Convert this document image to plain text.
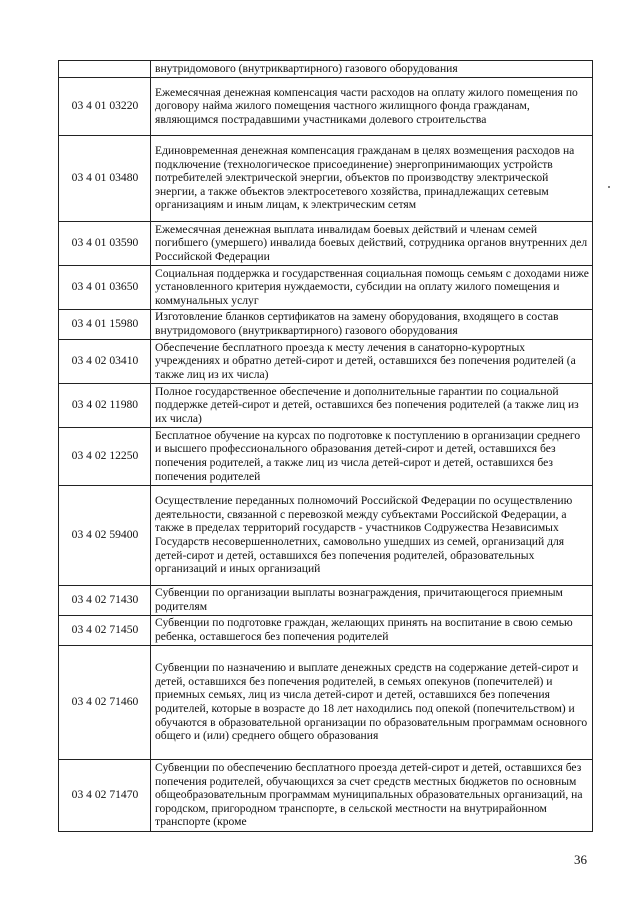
	внутридомового (внутриквартирного) газового оборудования
03 4 01 03220	Ежемесячная денежная компенсация части расходов на оплату жилого помещения по договору найма жилого помещения частного жилищного фонда гражданам, являющимся пострадавшими участниками долевого строительства
03 4 01 03480	Единовременная денежная компенсация гражданам в целях возмещения расходов на подключение (технологическое присоединение) энергопринимающих устройств потребителей электрической энергии, объектов по производству электрической энергии, а также объектов электросетевого хозяйства, принадлежащих сетевым организациям и иным лицам, к электрическим сетям
03 4 01 03590	Ежемесячная денежная выплата инвалидам боевых действий и членам семей погибшего (умершего) инвалида боевых действий, сотрудника органов внутренних дел Российской Федерации
03 4 01 03650	Социальная поддержка и государственная социальная помощь семьям с доходами ниже установленного критерия нуждаемости, субсидии на оплату жилого помещения и коммунальных услуг
03 4 01 15980	Изготовление бланков сертификатов на замену оборудования, входящего в состав внутридомового (внутриквартирного) газового оборудования
03 4 02 03410	Обеспечение бесплатного проезда к месту лечения в санаторно-курортных учреждениях и обратно детей-сирот и детей, оставшихся без попечения родителей (а также лиц из их числа)
03 4 02 11980	Полное государственное обеспечение и дополнительные гарантии по социальной поддержке детей-сирот и детей, оставшихся без попечения родителей (а также лиц из их числа)
03 4 02 12250	Бесплатное обучение на курсах по подготовке к поступлению в организации среднего и высшего профессионального образования детей-сирот и детей, оставшихся без попечения родителей, а также лиц из числа детей-сирот и детей, оставшихся без попечения родителей
03 4 02 59400	Осуществление переданных полномочий Российской Федерации по осуществлению деятельности, связанной с перевозкой между субъектами Российской Федерации, а также в пределах территорий государств - участников Содружества Независимых Государств несовершеннолетних, самовольно ушедших из семей, организаций для детей-сирот и детей, оставшихся без попечения родителей, образовательных организаций и иных организаций
03 4 02 71430	Субвенции по организации выплаты вознаграждения, причитающегося приемным родителям
03 4 02 71450	Субвенции по подготовке граждан, желающих принять на воспитание в свою семью ребенка, оставшегося без попечения родителей
03 4 02 71460	Субвенции по назначению и выплате денежных средств на содержание детей-сирот и детей, оставшихся без попечения родителей, в семьях опекунов (попечителей) и приемных семьях, лиц из числа детей-сирот и детей, оставшихся без попечения родителей, которые в возрасте до 18 лет находились под опекой (попечительством) и обучаются в образовательной организации по образовательным программам основного общего и (или) среднего общего образования
03 4 02 71470	Субвенции по обеспечению бесплатного проезда детей-сирот и детей, оставшихся без попечения родителей, обучающихся за счет средств местных бюджетов по основным общеобразовательным программам муниципальных образовательных организаций, на городском, пригородном транспорте, в сельской местности на внутрирайонном транспорте (кроме
36
